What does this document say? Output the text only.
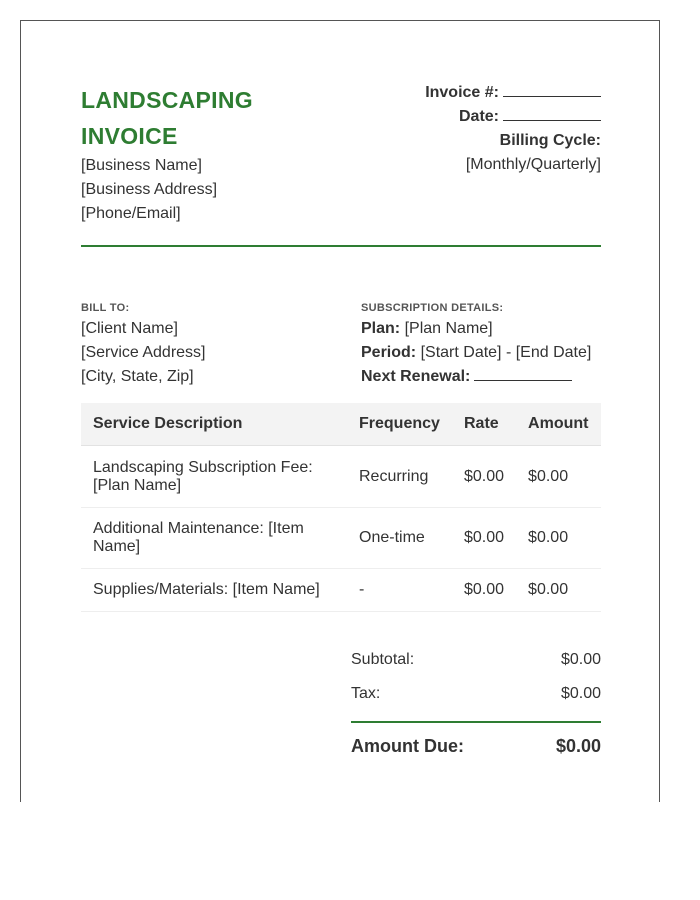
LANDSCAPING
INVOICE
[Business Name]
[Business Address]
[Phone/Email]
Invoice #:
Date:
Billing Cycle:
[Monthly/Quarterly]
BILL TO:
[Client Name]
[Service Address]
[City, State, Zip]
SUBSCRIPTION DETAILS:
Plan: [Plan Name]
Period: [Start Date] - [End Date]
Next Renewal:
Service Description	Frequency	Rate	Amount
Landscaping Subscription Fee: [Plan Name]	Recurring	$0.00	$0.00
Additional Maintenance: [Item Name]	One-time	$0.00	$0.00
Supplies/Materials: [Item Name]	-	$0.00	$0.00
Subtotal:	$0.00
Tax:	$0.00
Amount Due:	$0.00
